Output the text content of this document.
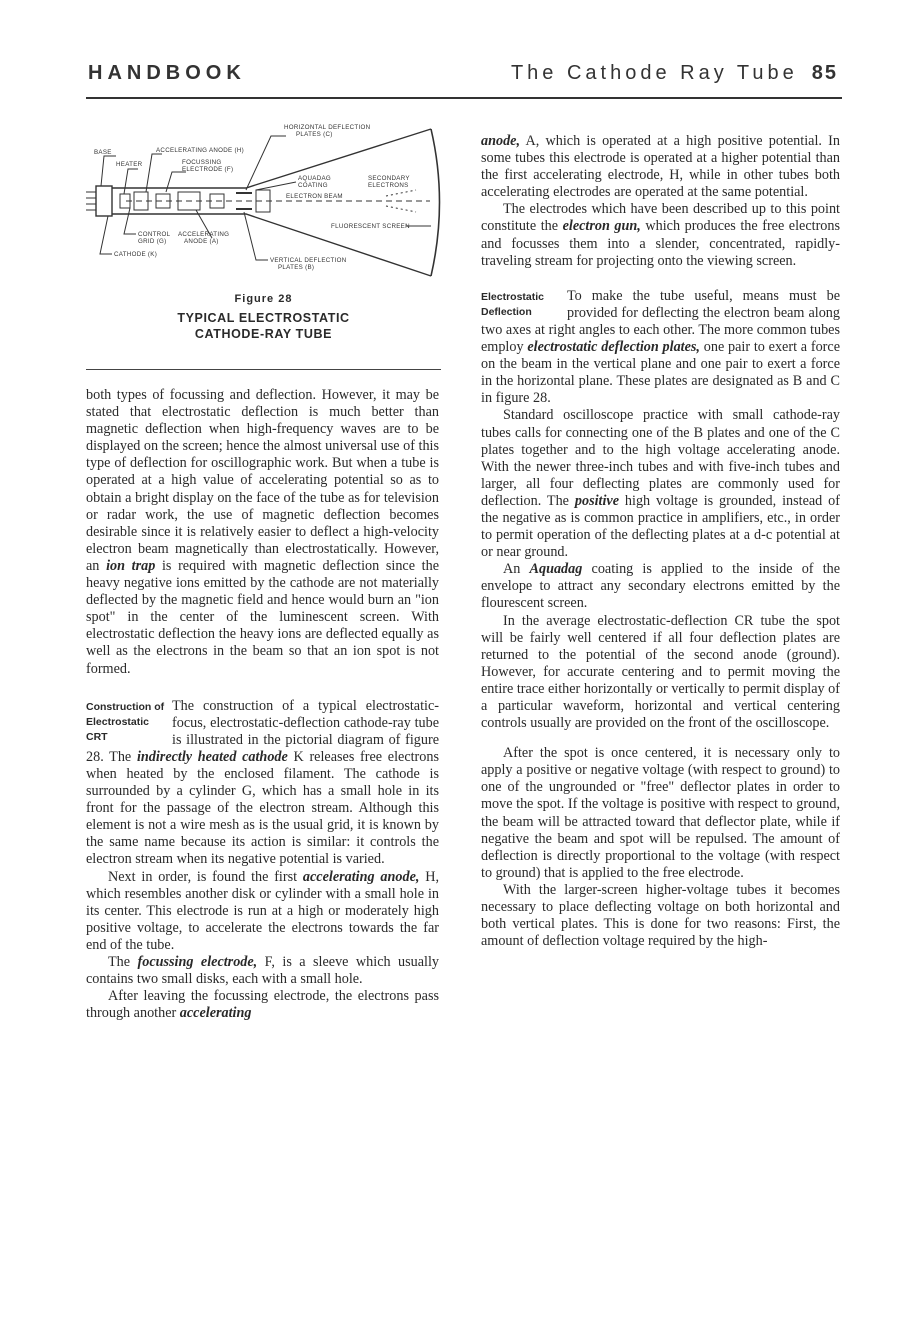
HANDBOOK	The Cathode Ray Tube 85
BASE	ACCELERATING ANODE (H)
HEATER	FOCUSSING
ELECTRODE (F)
HORIZONTAL DEFLECTION
PLATES (C)
AQUADAG
COATING
SECONDARY
ELECTRONS
ELECTRON BEAM
FLUORESCENT SCREEN
CONTROL
GRID (G)
ACCELERATING
ANODE (A)
CATHODE (K)
VERTICAL DEFLECTION
PLATES (B)
Figure 28
TYPICAL ELECTROSTATIC
CATHODE-RAY TUBE

both types of focussing and deflection. However, it may be stated that electrostatic deflection is much better than magnetic deflection when high-frequency waves are to be displayed on the screen; hence the almost universal use of this type of deflection for oscillographic work. But when a tube is operated at a high value of accelerating potential so as to obtain a bright display on the face of the tube as for television or radar work, the use of magnetic deflection becomes desirable since it is relatively easier to deflect a high-velocity electron beam magnetically than electrostatically. However, an ion trap is required with magnetic deflection since the heavy negative ions emitted by the cathode are not materially deflected by the magnetic field and hence would burn an "ion spot" in the center of the luminescent screen. With electrostatic deflection the heavy ions are deflected equally as well as the electrons in the beam so that an ion spot is not formed.

Construction of
Electrostatic CRT
The construction of a typical electrostatic-focus, electrostatic-deflection cathode-ray tube is illustrated in the pictorial diagram of figure 28. The indirectly heated cathode K releases free electrons when heated by the enclosed filament. The cathode is surrounded by a cylinder G, which has a small hole in its front for the passage of the electron stream. Although this element is not a wire mesh as is the usual grid, it is known by the same name because its action is similar: it controls the electron stream when its negative potential is varied.

Next in order, is found the first accelerating anode, H, which resembles another disk or cylinder with a small hole in its center. This electrode is run at a high or moderately high positive voltage, to accelerate the electrons towards the far end of the tube.

The focussing electrode, F, is a sleeve which usually contains two small disks, each with a small hole.

After leaving the focussing electrode, the electrons pass through another accelerating

anode, A, which is operated at a high positive potential. In some tubes this electrode is operated at a higher potential than the first accelerating electrode, H, while in other tubes both accelerating electrodes are operated at the same potential.

The electrodes which have been described up to this point constitute the electron gun, which produces the free electrons and focusses them into a slender, concentrated, rapidly-traveling stream for projecting onto the viewing screen.

Electrostatic
Deflection
To make the tube useful, means must be provided for deflecting the electron beam along two axes at right angles to each other. The more common tubes employ electrostatic deflection plates, one pair to exert a force on the beam in the vertical plane and one pair to exert a force in the horizontal plane. These plates are designated as B and C in figure 28.

Standard oscilloscope practice with small cathode-ray tubes calls for connecting one of the B plates and one of the C plates together and to the high voltage accelerating anode. With the newer three-inch tubes and with five-inch tubes and larger, all four deflecting plates are commonly used for deflection. The positive high voltage is grounded, instead of the negative as is common practice in amplifiers, etc., in order to permit operation of the deflecting plates at a d-c potential at or near ground.

An Aquadag coating is applied to the inside of the envelope to attract any secondary electrons emitted by the flourescent screen.

In the average electrostatic-deflection CR tube the spot will be fairly well centered if all four deflection plates are returned to the potential of the second anode (ground). However, for accurate centering and to permit moving the entire trace either horizontally or vertically to permit display of a particular waveform, horizontal and vertical centering controls usually are provided on the front of the oscilloscope.

After the spot is once centered, it is necessary only to apply a positive or negative voltage (with respect to ground) to one of the ungrounded or "free" deflector plates in order to move the spot. If the voltage is positive with respect to ground, the beam will be attracted toward that deflector plate, while if negative the beam and spot will be repulsed. The amount of deflection is directly proportional to the voltage (with respect to ground) that is applied to the free electrode.

With the larger-screen higher-voltage tubes it becomes necessary to place deflecting voltage on both horizontal and both vertical plates. This is done for two reasons: First, the amount of deflection voltage required by the high-
